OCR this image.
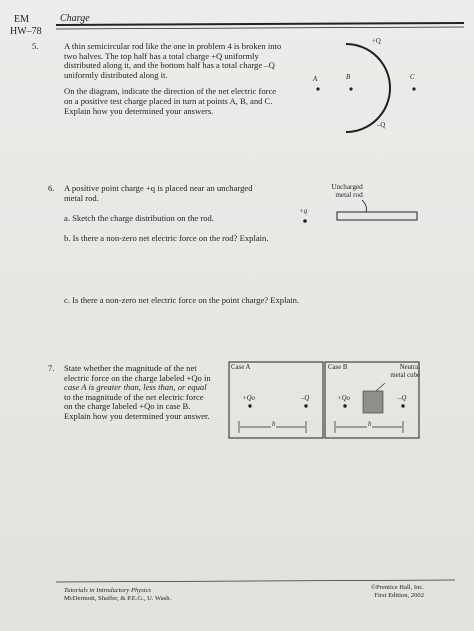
EM	Charge
HW–78
5.	A thin semicircular rod like the one in problem 4 is broken into
two halves. The top half has a total charge +Q uniformly
distributed along it, and the bottom half has a total charge –Q
uniformly distributed along it.
On the diagram, indicate the direction of the net electric force
on a positive test charge placed in turn at points A, B, and C.
Explain how you determined your answers.
+Q
–Q
A	B	C
6. A positive point charge +q is placed near an uncharged
metal rod.
a. Sketch the charge distribution on the rod.
b. Is there a non-zero net electric force on the rod? Explain.
c. Is there a non-zero net electric force on the point charge? Explain.
Uncharged
metal rod
+q
7. State whether the magnitude of the net
electric force on the charge labeled +Qo in
case A is greater than, less than, or equal
to the magnitude of the net electric force
on the charge labeled +Qo in case B.
Explain how you determined your answer.
Case A	Case B	Neutral
metal cube
+Qo	–Q	+Qo	–Q
b	b
Tutorials in Introductory Physics
McDermott, Shaffer, & P.E.G., U. Wash.
©Prentice Hall, Inc.
First Edition, 2002
